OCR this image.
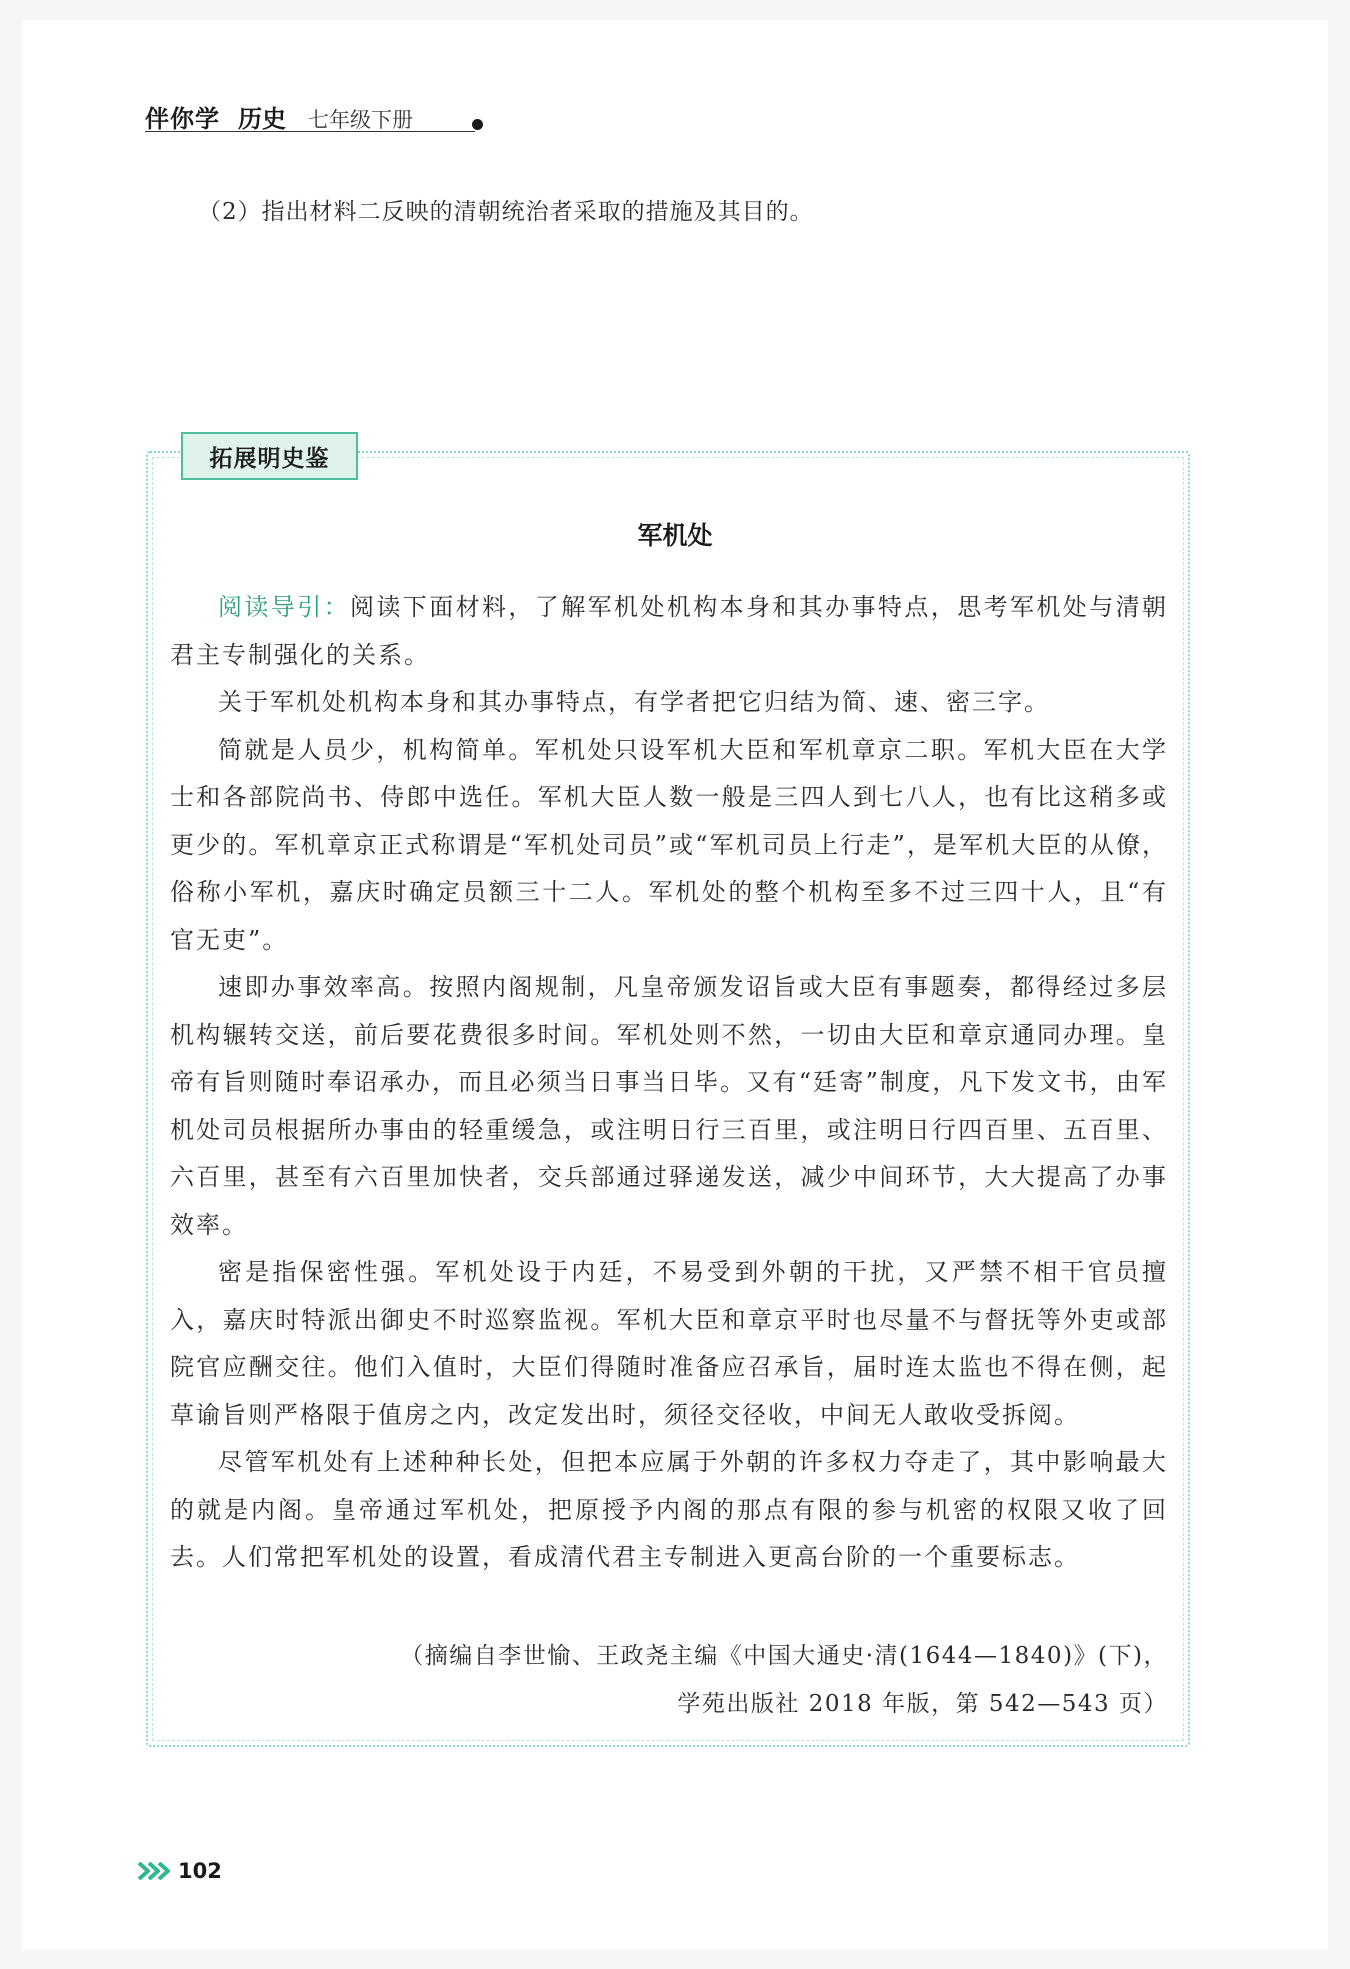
伴你学 历史 七年级下册
（2）指出材料二反映的清朝统治者采取的措施及其目的。
拓展明史鉴
军机处

阅读导引：阅读下面材料，了解军机处机构本身和其办事特点，思考军机处与清朝君主专制强化的关系。

关于军机处机构本身和其办事特点，有学者把它归结为简、速、密三字。

简就是人员少，机构简单。军机处只设军机大臣和军机章京二职。军机大臣在大学士和各部院尚书、侍郎中选任。军机大臣人数一般是三四人到七八人，也有比这稍多或更少的。军机章京正式称谓是“军机处司员”或“军机司员上行走”，是军机大臣的从僚，俗称小军机，嘉庆时确定员额三十二人。军机处的整个机构至多不过三四十人，且“有官无吏”。

速即办事效率高。按照内阁规制，凡皇帝颁发诏旨或大臣有事题奏，都得经过多层机构辗转交送，前后要花费很多时间。军机处则不然，一切由大臣和章京通同办理。皇帝有旨则随时奉诏承办，而且必须当日事当日毕。又有“廷寄”制度，凡下发文书，由军机处司员根据所办事由的轻重缓急，或注明日行三百里，或注明日行四百里、五百里、六百里，甚至有六百里加快者，交兵部通过驿递发送，减少中间环节，大大提高了办事效率。

密是指保密性强。军机处设于内廷，不易受到外朝的干扰，又严禁不相干官员擅入，嘉庆时特派出御史不时巡察监视。军机大臣和章京平时也尽量不与督抚等外吏或部院官应酬交往。他们入值时，大臣们得随时准备应召承旨，届时连太监也不得在侧，起草谕旨则严格限于值房之内，改定发出时，须径交径收，中间无人敢收受拆阅。

尽管军机处有上述种种长处，但把本应属于外朝的许多权力夺走了，其中影响最大的就是内阁。皇帝通过军机处，把原授予内阁的那点有限的参与机密的权限又收了回去。人们常把军机处的设置，看成清代君主专制进入更高台阶的一个重要标志。

（摘编自李世愉、王政尧主编《中国大通史·清(1644—1840)》(下)，
学苑出版社 2018 年版，第 542—543 页）
102
